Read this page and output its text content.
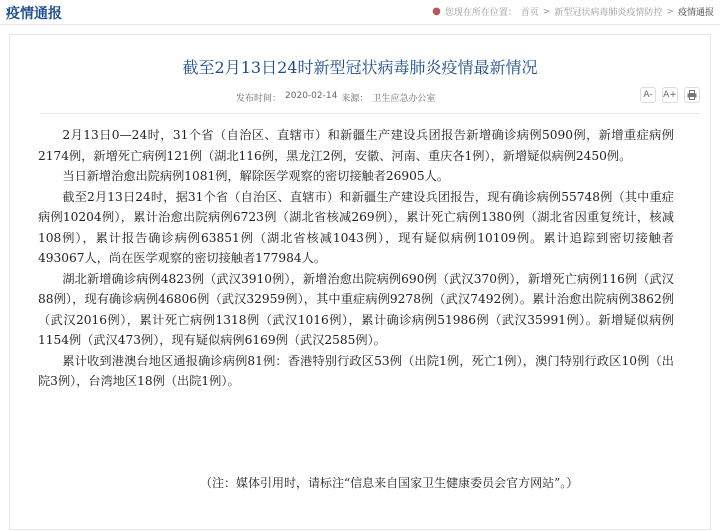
疫情通报	● 您现在所在位置： 首页 > 新型冠状病毒肺炎疫情防控 > 疫情通报
截至2月13日24时新型冠状病毒肺炎疫情最新情况
发布时间： 2020-02-14 来源： 卫生应急办公室	A-	A+

2月13日0—24时，31个省（自治区、直辖市）和新疆生产建设兵团报告新增确诊病例5090例，新增重症病例2174例，新增死亡病例121例（湖北116例，黑龙江2例，安徽、河南、重庆各1例），新增疑似病例2450例。

当日新增治愈出院病例1081例，解除医学观察的密切接触者26905人。

截至2月13日24时，据31个省（自治区、直辖市）和新疆生产建设兵团报告，现有确诊病例55748例（其中重症病例10204例），累计治愈出院病例6723例（湖北省核减269例），累计死亡病例1380例（湖北省因重复统计，核减108例），累计报告确诊病例63851例（湖北省核减1043例），现有疑似病例10109例。累计追踪到密切接触者493067人，尚在医学观察的密切接触者177984人。

湖北新增确诊病例4823例（武汉3910例），新增治愈出院病例690例（武汉370例），新增死亡病例116例（武汉88例），现有确诊病例46806例（武汉32959例），其中重症病例9278例（武汉7492例）。累计治愈出院病例3862例（武汉2016例），累计死亡病例1318例（武汉1016例），累计确诊病例51986例（武汉35991例）。新增疑似病例1154例（武汉473例），现有疑似病例6169例（武汉2585例）。

累计收到港澳台地区通报确诊病例81例：香港特别行政区53例（出院1例，死亡1例），澳门特别行政区10例（出院3例），台湾地区18例（出院1例）。

（注：媒体引用时，请标注“信息来自国家卫生健康委员会官方网站”。）
